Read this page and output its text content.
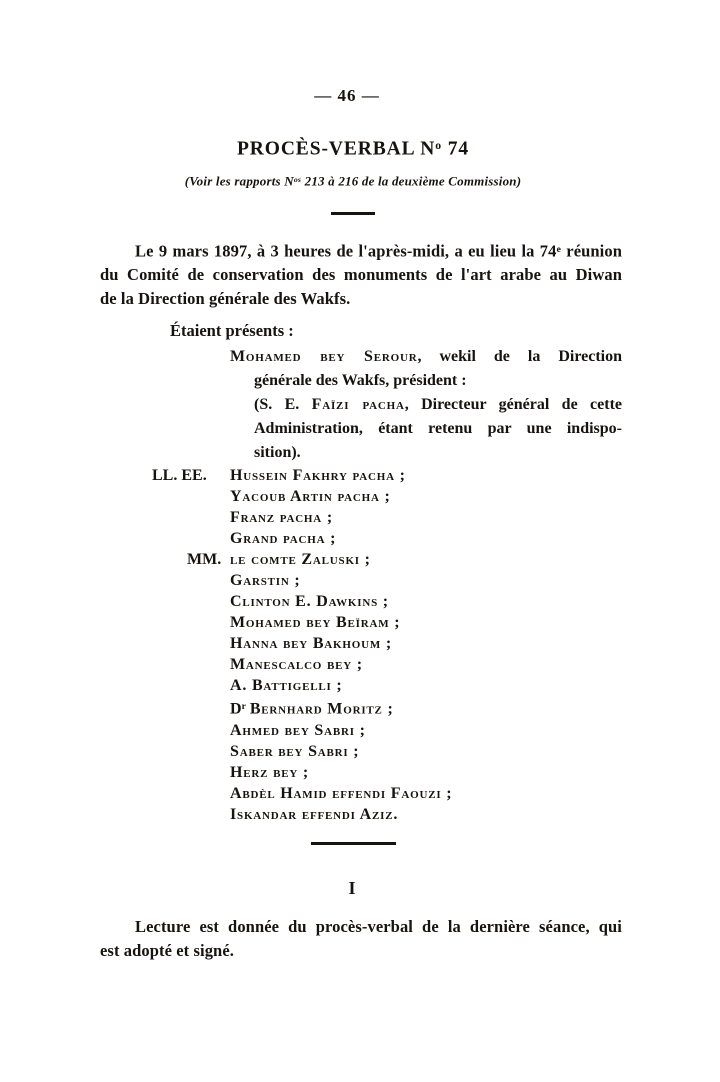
— 46 —
PROCÈS-VERBAL $N^o$ 74
(Voir les rapports $N^{os}$ 213 à 216 de la deuxième Commission)
Le 9 mars 1897, à 3 heures de l'après-midi, a eu lieu la 74e réunion
du Comité de conservation des monuments de l'art arabe au Diwan
de la Direction générale des Wakfs.
Étaient présents :
Mohamed bey Serour, wekil de la Direction
générale des Wakfs, président :
(S. E. Faïzi pacha, Directeur général de cette
Administration, étant retenu par une indispo-
sition).
LL. EE. Hussein Fakhry pacha ;
Yacoub Artin pacha ;
Franz pacha ;
Grand pacha ;
MM. le comte Zaluski ;
Garstin ;
Clinton E. Dawkins ;
Mohamed bey Beïram ;
Hanna bey Bakhoum ;
Manescalco bey ;
A. Battigelli ;
$D^r$ Bernhard Moritz ;
Ahmed bey Sabri ;
Saber bey Sabri ;
Herz bey ;
Abdèl Hamid effendi Faouzi ;
Iskandar effendi Aziz.
I
Lecture est donnée du procès-verbal de la dernière séance, qui
est adopté et signé.
